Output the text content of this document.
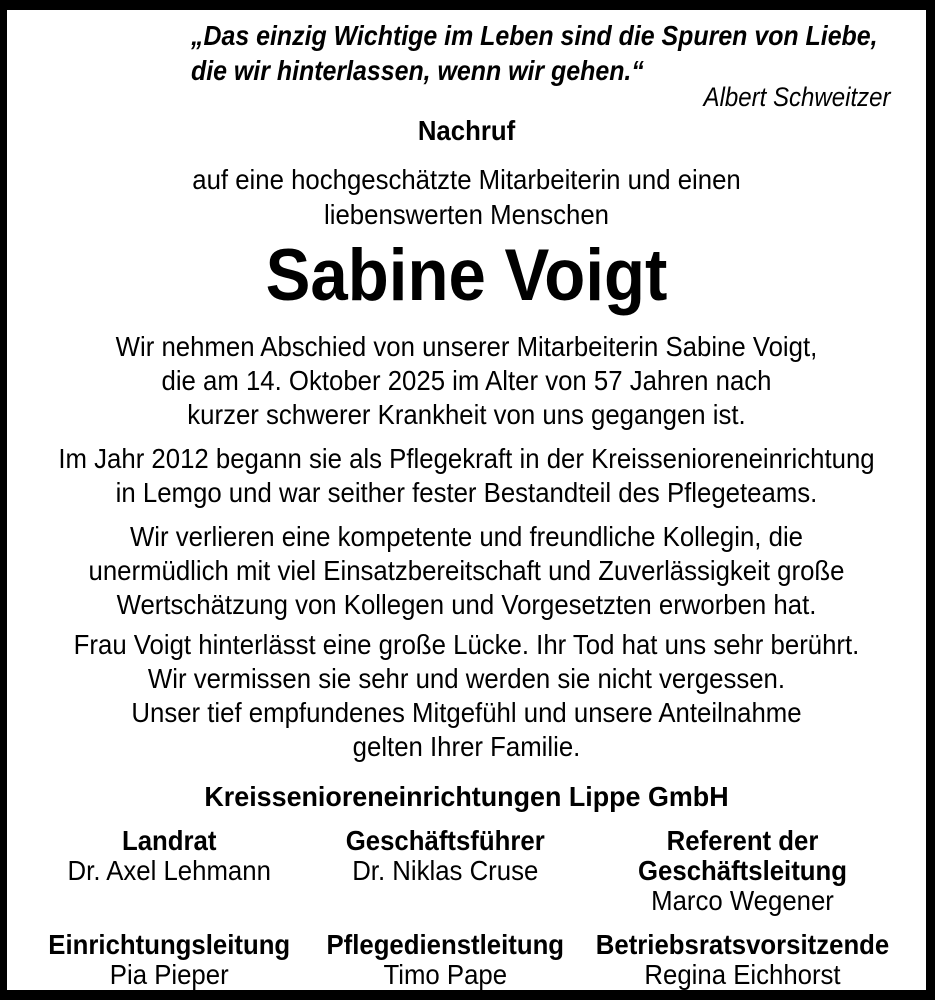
„Das einzig Wichtige im Leben sind die Spuren von Liebe,
die wir hinterlassen, wenn wir gehen.“
Albert Schweitzer
Nachruf
auf eine hochgeschätzte Mitarbeiterin und einen
liebenswerten Menschen
Sabine Voigt
Wir nehmen Abschied von unserer Mitarbeiterin Sabine Voigt,
die am 14. Oktober 2025 im Alter von 57 Jahren nach
kurzer schwerer Krankheit von uns gegangen ist.
Im Jahr 2012 begann sie als Pflegekraft in der Kreissenioreneinrichtung
in Lemgo und war seither fester Bestandteil des Pflegeteams.
Wir verlieren eine kompetente und freundliche Kollegin, die
unermüdlich mit viel Einsatzbereitschaft und Zuverlässigkeit große
Wertschätzung von Kollegen und Vorgesetzten erworben hat.
Frau Voigt hinterlässt eine große Lücke. Ihr Tod hat uns sehr berührt.
Wir vermissen sie sehr und werden sie nicht vergessen.
Unser tief empfundenes Mitgefühl und unsere Anteilnahme
gelten Ihrer Familie.
Kreissenioreneinrichtungen Lippe GmbH
Landrat
Dr. Axel Lehmann
Geschäftsführer
Dr. Niklas Cruse
Referent der Geschäftsleitung
Marco Wegener
Einrichtungsleitung
Pia Pieper
Pflegedienstleitung
Timo Pape
Betriebsratsvorsitzende
Regina Eichhorst
